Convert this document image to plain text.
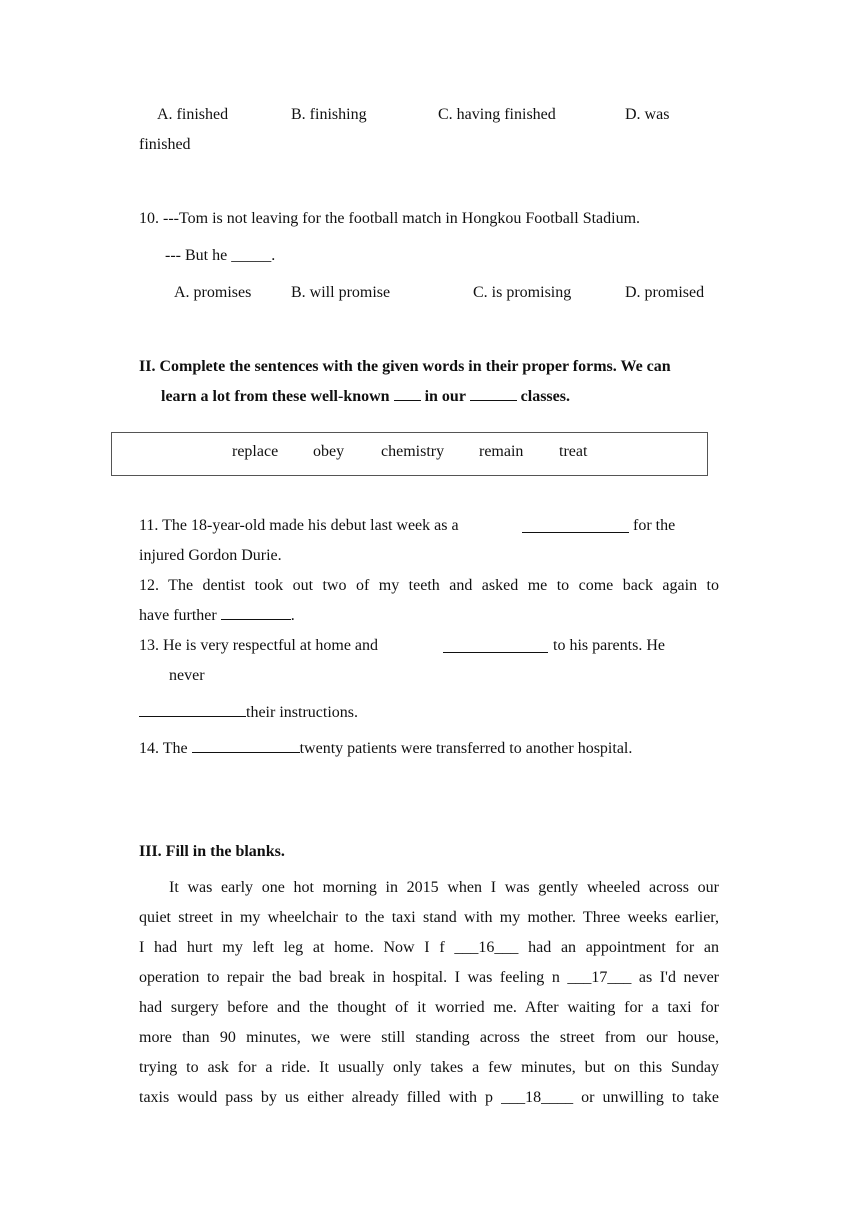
A. finished	B. finishing	C. having finished	D. was
finished
10. ---Tom is not leaving for the football match in Hongkou Football Stadium.
--- But he _____.
A. promises B. will promise	C. is promising	D. promised
II. Complete the sentences with the given words in their proper forms. We can
learn a lot from these well-known  in our	classes.
replace obey chemistry remain treat
11. The 18-year-old made his debut last week as a	for the
injured Gordon Durie.
12. The dentist took out two of my teeth and asked me to come back again to
have further	.
13. He is very respectful at home and	to his parents. He
never
their instructions.
14. The	twenty patients were transferred to another hospital.
III. Fill in the blanks.
It was early one hot morning in 2015 when I was gently wheeled across our
quiet street in my wheelchair to the taxi stand with my mother. Three weeks earlier,
I had hurt my left leg at home. Now I f ___16___ had an appointment for an
operation to repair the bad break in hospital. I was feeling n ___17___ as I'd never
had surgery before and the thought of it worried me. After waiting for a taxi for
more than 90 minutes, we were still standing across the street from our house,
trying to ask for a ride. It usually only takes a few minutes, but on this Sunday
taxis would pass by us either already filled with p ___18____ or unwilling to take
